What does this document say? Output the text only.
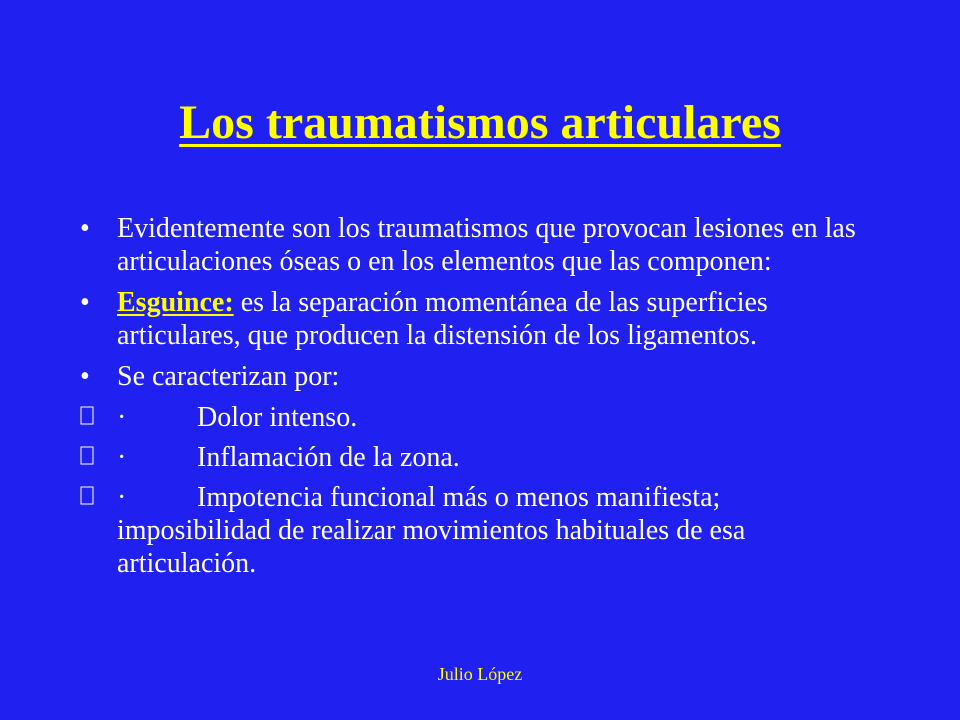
Los traumatismos articulares
• Evidentemente son los traumatismos que provocan lesiones en las articulaciones óseas o en los elementos que las componen:
• Esguince: es la separación momentánea de las superficies articulares, que producen la distensión de los ligamentos.
• Se caracterizan por:
·	Dolor intenso.
·	Inflamación de la zona.
·	Impotencia funcional más o menos manifiesta; imposibilidad de realizar movimientos habituales de esa articulación.
Julio López
